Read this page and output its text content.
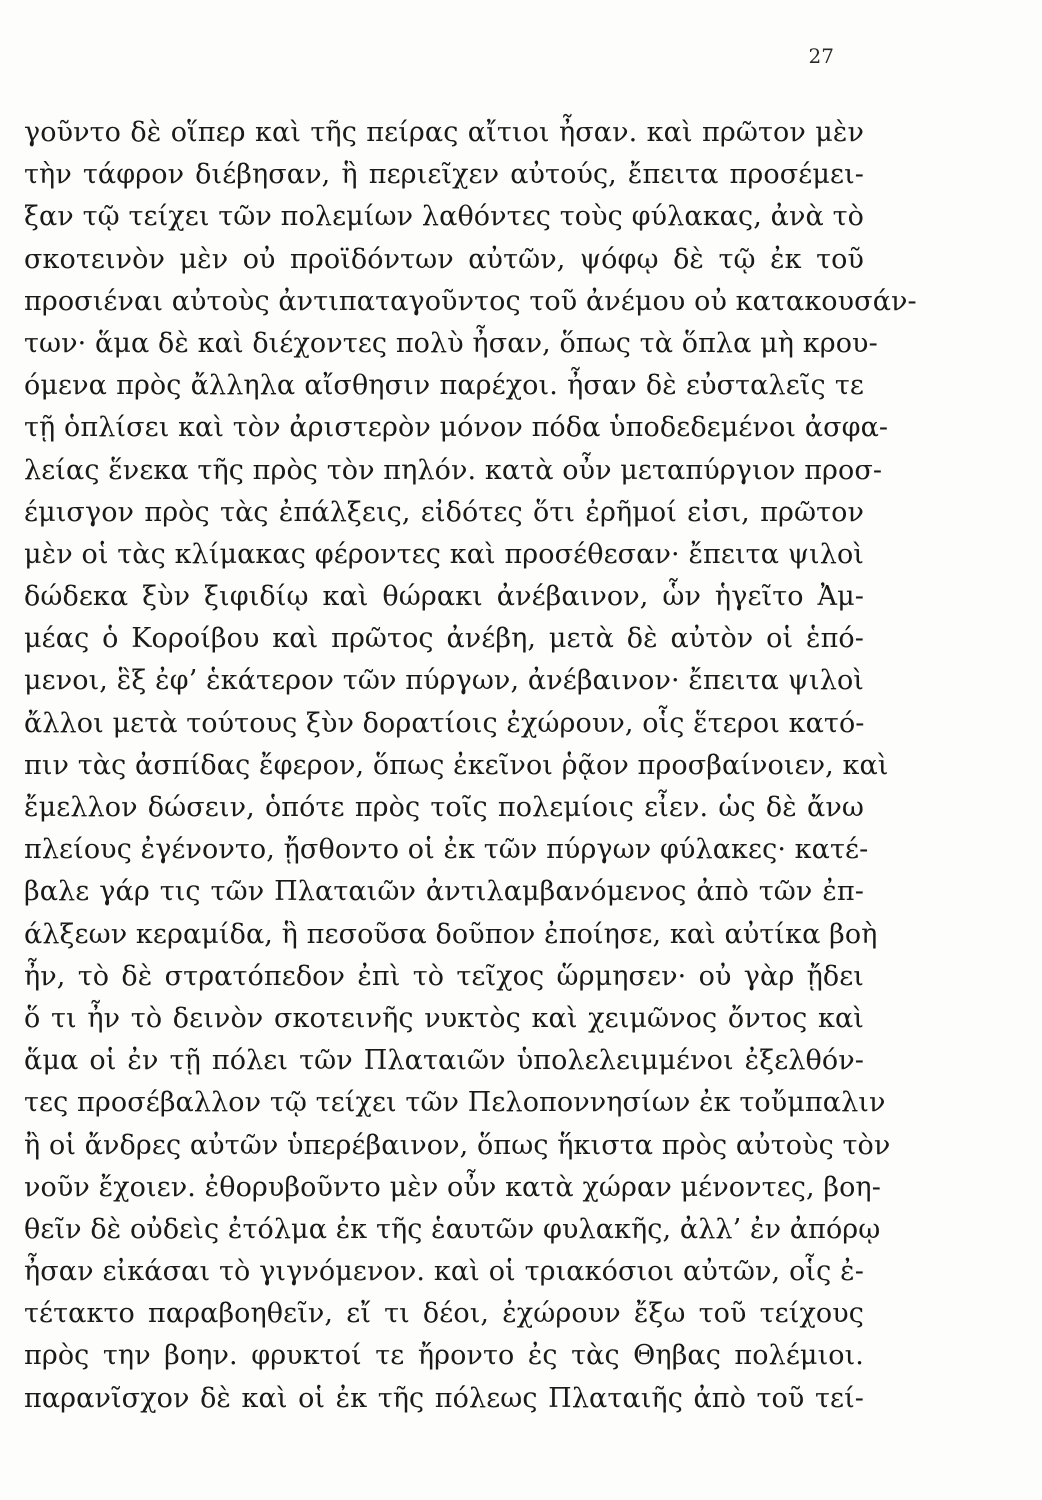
27
γοῦντο δὲ οἵπερ καὶ τῆς πείρας αἴτιοι ἦσαν. καὶ πρῶτον μὲν
τὴν τάφρον διέβησαν, ἣ περιεῖχεν αὐτούς, ἔπειτα προσέμει-
ξαν τῷ τείχει τῶν πολεμίων λαθόντες τοὺς φύλακας, ἀνὰ τὸ
σκοτεινὸν μὲν οὐ προϊδόντων αὐτῶν, ψόφῳ δὲ τῷ ἐκ τοῦ
προσιέναι αὐτοὺς ἀντιπαταγοῦντος τοῦ ἀνέμου οὐ κατακουσάν-
των· ἅμα δὲ καὶ διέχοντες πολὺ ἦσαν, ὅπως τὰ ὅπλα μὴ κρου-
όμενα πρὸς ἄλληλα αἴσθησιν παρέχοι. ἦσαν δὲ εὐσταλεῖς τε
τῇ ὁπλίσει καὶ τὸν ἀριστερὸν μόνον πόδα ὑποδεδεμένοι ἀσφα-
λείας ἕνεκα τῆς πρὸς τὸν πηλόν. κατὰ οὖν μεταπύργιον προσ-
έμισγον πρὸς τὰς ἐπάλξεις, εἰδότες ὅτι ἐρῆμοί εἰσι, πρῶτον
μὲν οἱ τὰς κλίμακας φέροντες καὶ προσέθεσαν· ἔπειτα ψιλοὶ
δώδεκα ξὺν ξιφιδίῳ καὶ θώρακι ἀνέβαινον, ὧν ἡγεῖτο Ἀμ-
μέας ὁ Κοροίβου καὶ πρῶτος ἀνέβη, μετὰ δὲ αὐτὸν οἱ ἑπό-
μενοι, ἓξ ἐφ’ ἑκάτερον τῶν πύργων, ἀνέβαινον· ἔπειτα ψιλοὶ
ἄλλοι μετὰ τούτους ξὺν δορατίοις ἐχώρουν, οἷς ἕτεροι κατό-
πιν τὰς ἀσπίδας ἔφερον, ὅπως ἐκεῖνοι ῥᾷον προσβαίνοιεν, καὶ
ἔμελλον δώσειν, ὁπότε πρὸς τοῖς πολεμίοις εἶεν. ὡς δὲ ἄνω
πλείους ἐγένοντο, ᾔσθοντο οἱ ἐκ τῶν πύργων φύλακες· κατέ-
βαλε γάρ τις τῶν Πλαταιῶν ἀντιλαμβανόμενος ἀπὸ τῶν ἐπ-
άλξεων κεραμίδα, ἣ πεσοῦσα δοῦπον ἐποίησε, καὶ αὐτίκα βοὴ
ἦν, τὸ δὲ στρατόπεδον ἐπὶ τὸ τεῖχος ὥρμησεν· οὐ γὰρ ᾔδει
ὅ τι ἦν τὸ δεινὸν σκοτεινῆς νυκτὸς καὶ χειμῶνος ὄντος καὶ
ἅμα οἱ ἐν τῇ πόλει τῶν Πλαταιῶν ὑπολελειμμένοι ἐξελθόν-
τες προσέβαλλον τῷ τείχει τῶν Πελοποννησίων ἐκ τοὔμπαλιν
ἢ οἱ ἄνδρες αὐτῶν ὑπερέβαινον, ὅπως ἥκιστα πρὸς αὐτοὺς τὸν
νοῦν ἔχοιεν. ἐθορυβοῦντο μὲν οὖν κατὰ χώραν μένοντες, βοη-
θεῖν δὲ οὐδεὶς ἐτόλμα ἐκ τῆς ἑαυτῶν φυλακῆς, ἀλλ’ ἐν ἀπόρῳ
ἦσαν εἰκάσαι τὸ γιγνόμενον. καὶ οἱ τριακόσιοι αὐτῶν, οἷς ἐ-
τέτακτο παραβοηθεῖν, εἴ τι δέοι, ἐχώρουν ἔξω τοῦ τείχους
πρὸς την βοην. φρυκτοί τε ἤροντο ἐς τὰς Θηβας πολέμιοι.
παρανῖσχον δὲ καὶ οἱ ἐκ τῆς πόλεως Πλαταιῆς ἀπὸ τοῦ τεί-
